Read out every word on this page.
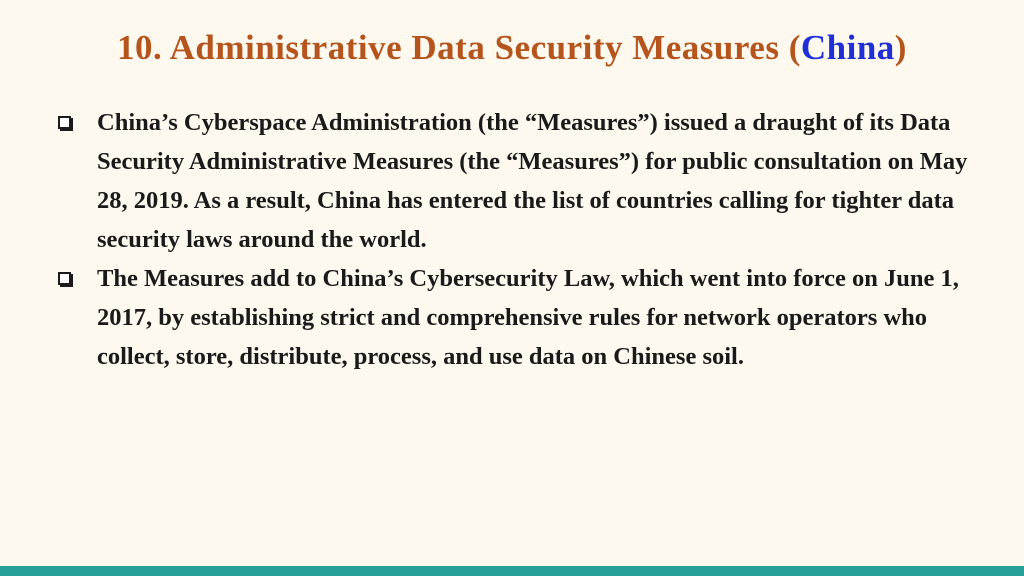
10. Administrative Data Security Measures (China)
China’s Cyberspace Administration (the “Measures”) issued a draught of its Data Security Administrative Measures (the “Measures”) for public consultation on May 28, 2019. As a result, China has entered the list of countries calling for tighter data security laws around the world.
The Measures add to China’s Cybersecurity Law, which went into force on June 1, 2017, by establishing strict and comprehensive rules for network operators who collect, store, distribute, process, and use data on Chinese soil.
